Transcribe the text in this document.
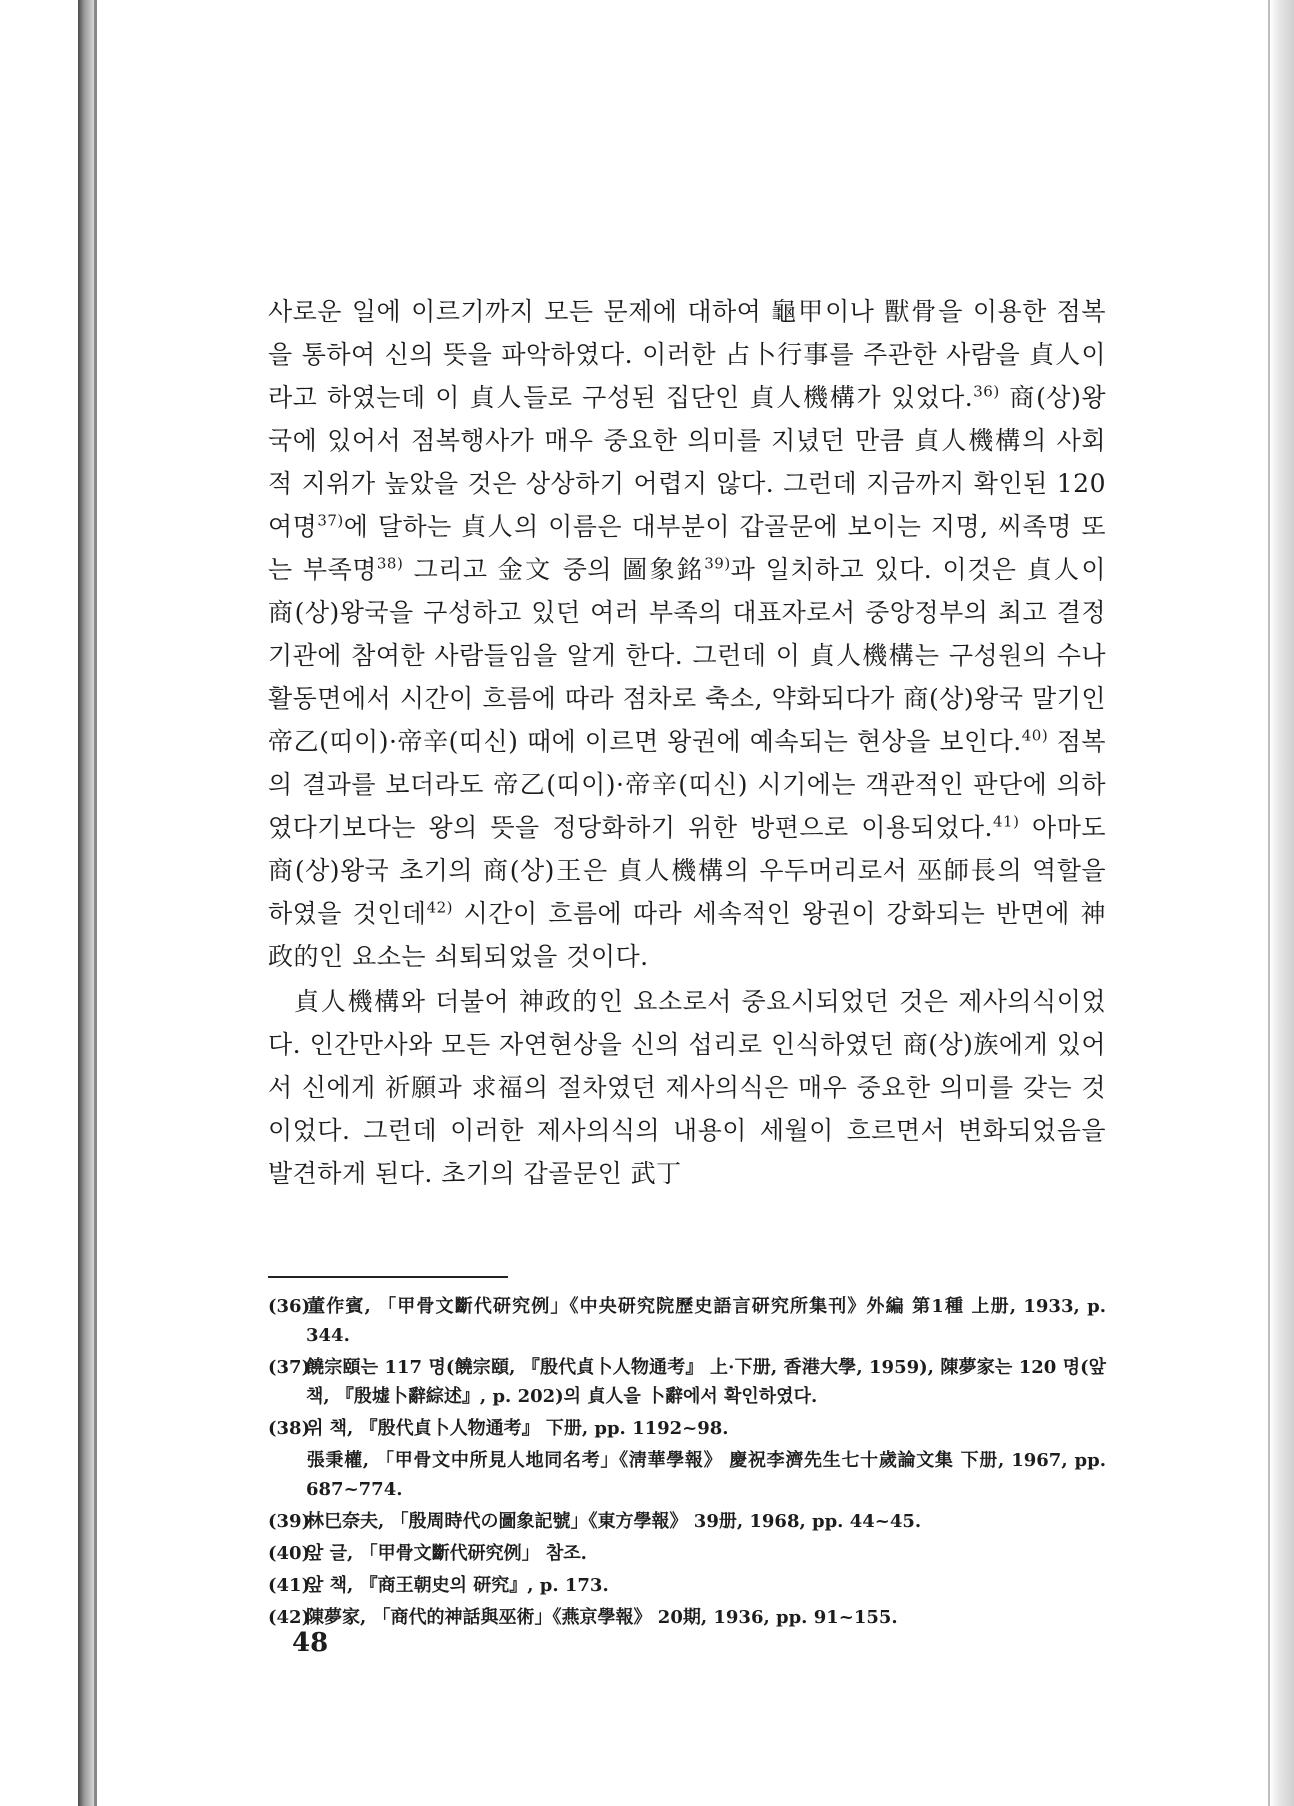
사로운 일에 이르기까지 모든 문제에 대하여 龜甲이나 獸骨을 이용한 점복을 통하여 신의 뜻을 파악하였다. 이러한 占卜行事를 주관한 사람을 貞人이라고 하였는데 이 貞人들로 구성된 집단인 貞人機構가 있었다.$^{36)}$ 商(상)왕국에 있어서 점복행사가 매우 중요한 의미를 지녔던 만큼 貞人機構의 사회적 지위가 높았을 것은 상상하기 어렵지 않다. 그런데 지금까지 확인된 120여명$^{37)}$에 달하는 貞人의 이름은 대부분이 갑골문에 보이는 지명, 씨족명 또는 부족명$^{38)}$ 그리고 金文 중의 圖象銘$^{39)}$과 일치하고 있다. 이것은 貞人이 商(상)왕국을 구성하고 있던 여러 부족의 대표자로서 중앙정부의 최고 결정기관에 참여한 사람들임을 알게 한다. 그런데 이 貞人機構는 구성원의 수나 활동면에서 시간이 흐름에 따라 점차로 축소, 약화되다가 商(상)왕국 말기인 帝乙(띠이)·帝辛(띠신) 때에 이르면 왕권에 예속되는 현상을 보인다.$^{40)}$ 점복의 결과를 보더라도 帝乙(띠이)·帝辛(띠신) 시기에는 객관적인 판단에 의하였다기보다는 왕의 뜻을 정당화하기 위한 방편으로 이용되었다.$^{41)}$ 아마도 商(상)왕국 초기의 商(상)王은 貞人機構의 우두머리로서 巫師長의 역할을 하였을 것인데$^{42)}$ 시간이 흐름에 따라 세속적인 왕권이 강화되는 반면에 神政的인 요소는 쇠퇴되었을 것이다.

貞人機構와 더불어 神政的인 요소로서 중요시되었던 것은 제사의식이었다. 인간만사와 모든 자연현상을 신의 섭리로 인식하였던 商(상)族에게 있어서 신에게 祈願과 求福의 절차였던 제사의식은 매우 중요한 의미를 갖는 것이었다. 그런데 이러한 제사의식의 내용이 세월이 흐르면서 변화되었음을 발견하게 된다. 초기의 갑골문인 武丁

(36)董作賓, 「甲骨文斷代研究例」《中央研究院歷史語言研究所集刊》外編 第1種 上册, 1933, p. 344.

(37)饒宗頤는 117 명(饒宗頤, 『殷代貞卜人物通考』 上·下册, 香港大學, 1959), 陳夢家는 120 명(앞 책, 『殷墟卜辭綜述』, p. 202)의 貞人을 卜辭에서 확인하였다.

(38)위 책, 『殷代貞卜人物通考』 下册, pp. 1192~98.

張秉權, 「甲骨文中所見人地同名考」《淸華學報》 慶祝李濟先生七十歲論文集 下册, 1967, pp. 687~774.

(39)林巳奈夫, 「殷周時代の圖象記號」《東方學報》 39册, 1968, pp. 44~45.

(40)앞 글, 「甲骨文斷代研究例」 참조.

(41)앞 책, 『商王朝史의 研究』, p. 173.

(42)陳夢家, 「商代的神話與巫術」《燕京學報》 20期, 1936, pp. 91~155.

48
